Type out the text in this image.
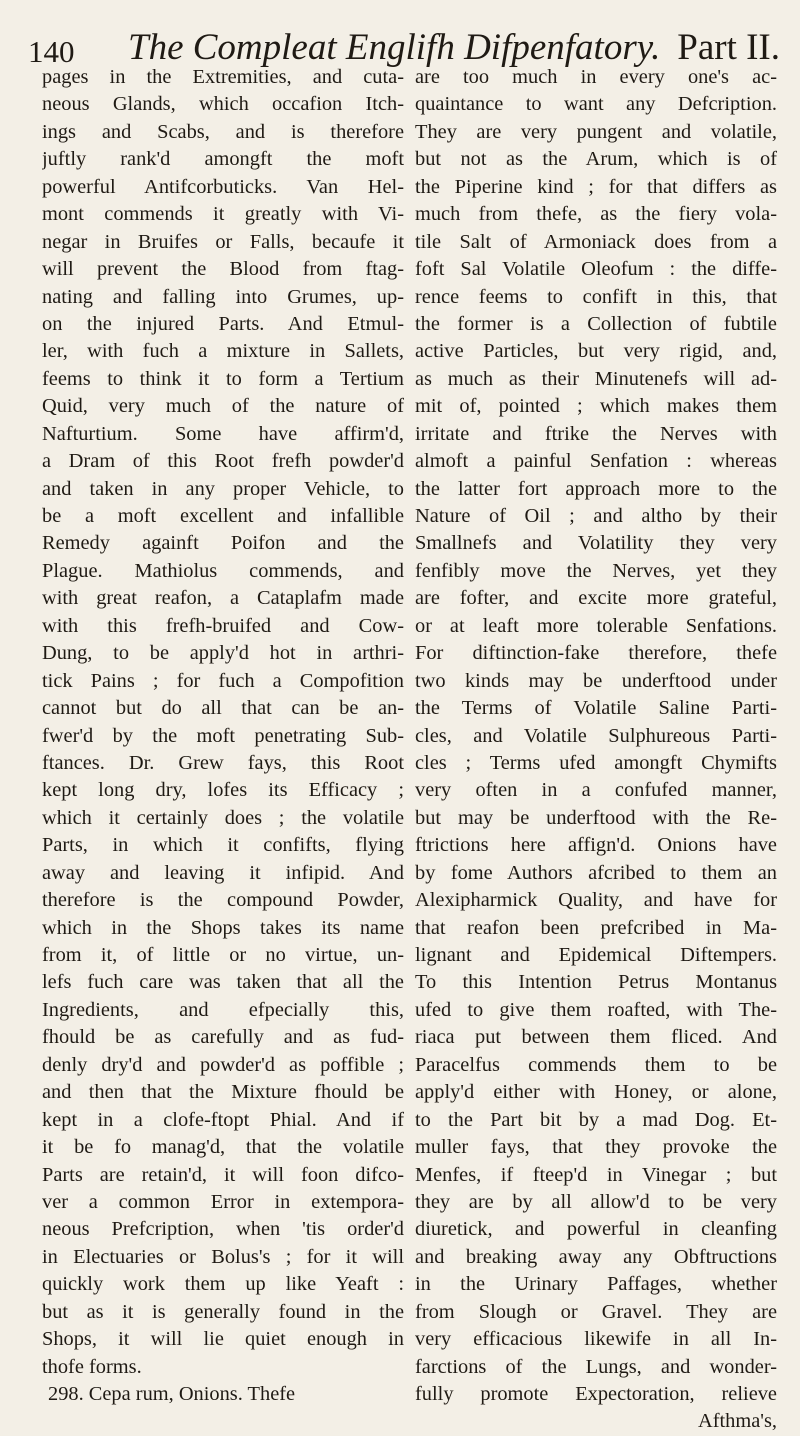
140 The Compleat Englifh Difpenfatory. Part II.
pages in the Extremities, and cuta-
neous Glands, which occafion Itch-
ings and Scabs, and is therefore
juftly rank'd amongft the moft
powerful Antifcorbuticks. Van Hel-
mont commends it greatly with Vi-
negar in Bruifes or Falls, becaufe it
will prevent the Blood from ftag-
nating and falling into Grumes, up-
on the injured Parts. And Etmul-
ler, with fuch a mixture in Sallets,
feems to think it to form a Tertium
Quid, very much of the nature of
Nafturtium. Some have affirm'd,
a Dram of this Root frefh powder'd
and taken in any proper Vehicle, to
be a moft excellent and infallible
Remedy againft Poifon and the
Plague. Mathiolus commends, and
with great reafon, a Cataplafm made
with this frefh-bruifed and Cow-
Dung, to be apply'd hot in arthri-
tick Pains ; for fuch a Compofition
cannot but do all that can be an-
fwer'd by the moft penetrating Sub-
ftances. Dr. Grew fays, this Root
kept long dry, lofes its Efficacy ;
which it certainly does ; the volatile
Parts, in which it confifts, flying
away and leaving it infipid. And
therefore is the compound Powder,
which in the Shops takes its name
from it, of little or no virtue, un-
lefs fuch care was taken that all the
Ingredients, and efpecially this,
fhould be as carefully and as fud-
denly dry'd and powder'd as poffible ;
and then that the Mixture fhould be
kept in a clofe-ftopt Phial. And if
it be fo manag'd, that the volatile
Parts are retain'd, it will foon difco-
ver a common Error in extempora-
neous Prefcription, when 'tis order'd
in Electuaries or Bolus's ; for it will
quickly work them up like Yeaft :
but as it is generally found in the
Shops, it will lie quiet enough in
thofe forms.
298. Cepa rum, Onions. Thefe
are too much in every one's ac-
quaintance to want any Defcription.
They are very pungent and volatile,
but not as the Arum, which is of
the Piperine kind ; for that differs as
much from thefe, as the fiery vola-
tile Salt of Armoniack does from a
foft Sal Volatile Oleofum : the diffe-
rence feems to confift in this, that
the former is a Collection of fubtile
active Particles, but very rigid, and,
as much as their Minutenefs will ad-
mit of, pointed ; which makes them
irritate and ftrike the Nerves with
almoft a painful Senfation : whereas
the latter fort approach more to the
Nature of Oil ; and altho by their
Smallnefs and Volatility they very
fenfibly move the Nerves, yet they
are fofter, and excite more grateful,
or at leaft more tolerable Senfations.
For diftinction-fake therefore, thefe
two kinds may be underftood under
the Terms of Volatile Saline Parti-
cles, and Volatile Sulphureous Parti-
cles ; Terms ufed amongft Chymifts
very often in a confufed manner,
but may be underftood with the Re-
ftrictions here affign'd. Onions have
by fome Authors afcribed to them an
Alexipharmick Quality, and have for
that reafon been prefcribed in Ma-
lignant and Epidemical Diftempers.
To this Intention Petrus Montanus
ufed to give them roafted, with The-
riaca put between them fliced. And
Paracelfus commends them to be
apply'd either with Honey, or alone,
to the Part bit by a mad Dog. Et-
muller fays, that they provoke the
Menfes, if fteep'd in Vinegar ; but
they are by all allow'd to be very
diuretick, and powerful in cleanfing
and breaking away any Obftructions
in the Urinary Paffages, whether
from Slough or Gravel. They are
very efficacious likewife in all In-
farctions of the Lungs, and wonder-
fully promote Expectoration, relieve
Afthma's,
